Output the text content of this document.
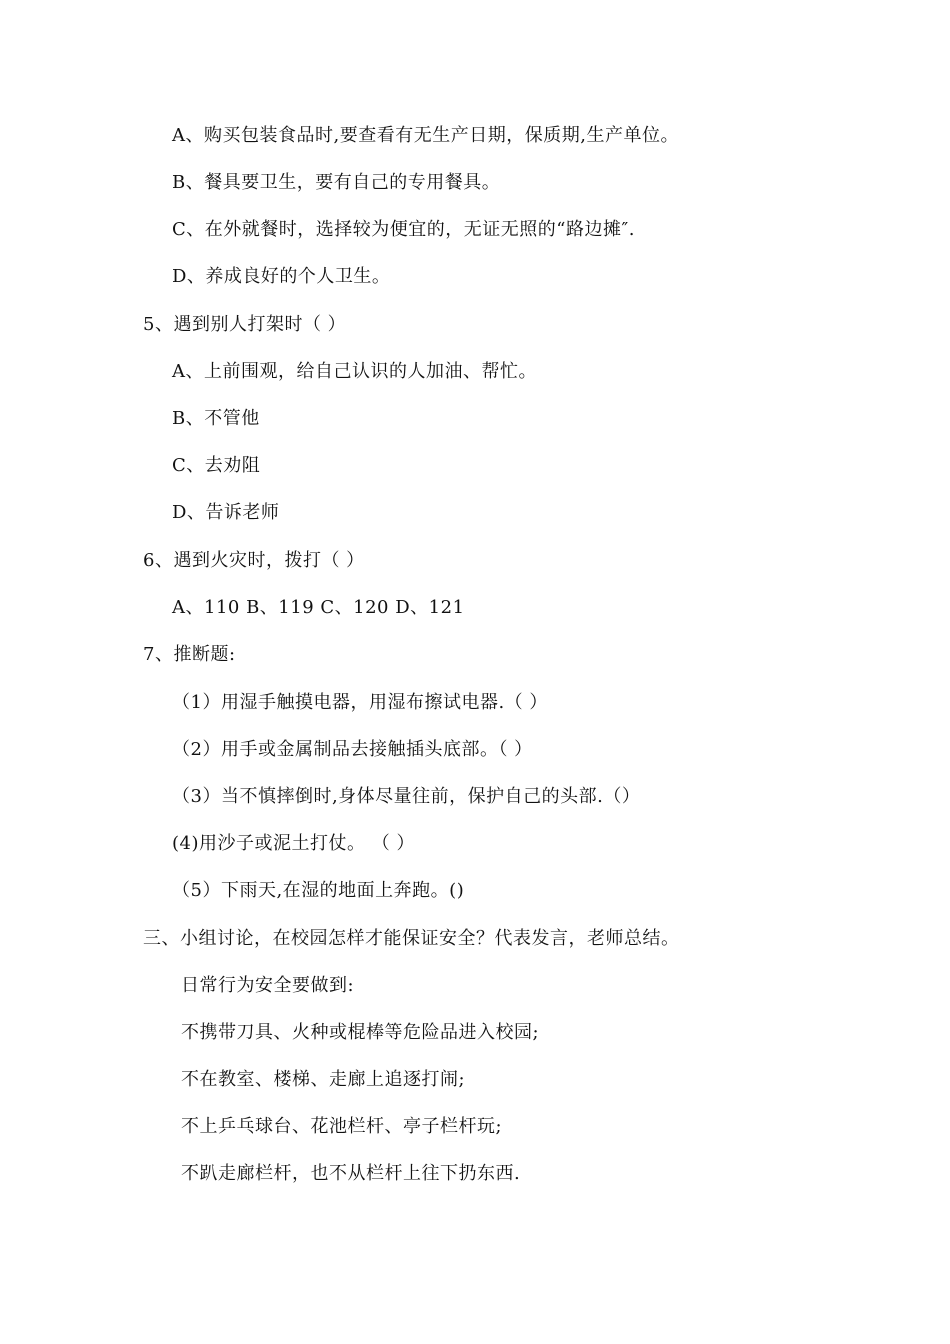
A、购买包装食品时,要查看有无生产日期，保质期,生产单位。
B、餐具要卫生，要有自己的专用餐具。
C、在外就餐时，选择较为便宜的，无证无照的“路边摊″.
D、养成良好的个人卫生。
5、遇到别人打架时（ ）
A、上前围观，给自己认识的人加油、帮忙。
B、不管他
C、去劝阻
D、告诉老师
6、遇到火灾时，拨打（ ）
A、110 B、119 C、120 D、121
7、推断题:
（1）用湿手触摸电器，用湿布擦试电器.（ ）
（2）用手或金属制品去接触插头底部。（ ）
（3）当不慎摔倒时,身体尽量往前，保护自己的头部.（）
(4)用沙子或泥土打仗。 （ ）
（5）下雨天,在湿的地面上奔跑。()
三、小组讨论，在校园怎样才能保证安全？代表发言，老师总结。
日常行为安全要做到:
不携带刀具、火种或棍棒等危险品进入校园;
不在教室、楼梯、走廊上追逐打闹;
不上乒乓球台、花池栏杆、亭子栏杆玩;
不趴走廊栏杆，也不从栏杆上往下扔东西.
